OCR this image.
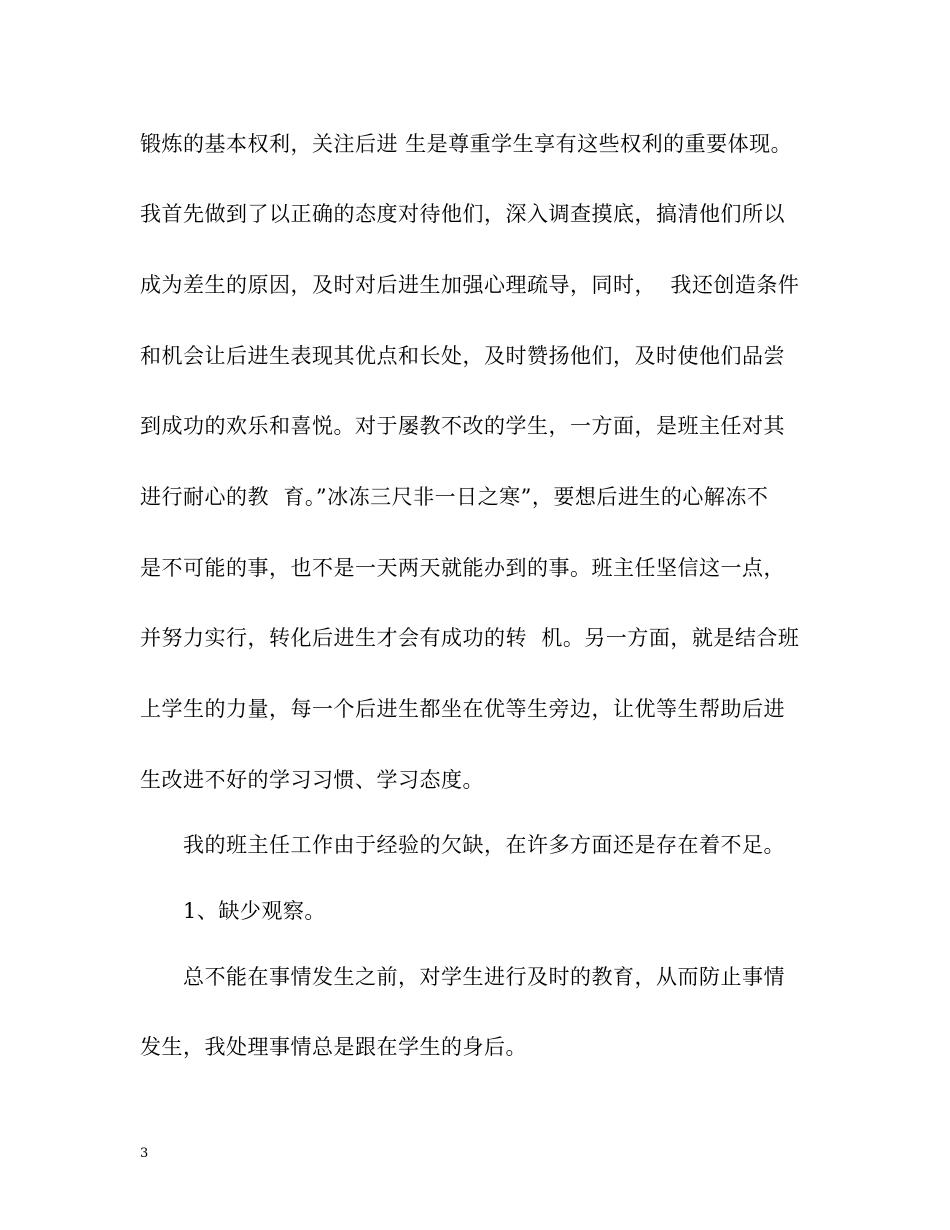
锻炼的基本权利，关注后进 生是尊重学生享有这些权利的重要体现。
我首先做到了以正确的态度对待他们，深入调查摸底，搞清他们所以
成为差生的原因，及时对后进生加强心理疏导，同时，  我还创造条件
和机会让后进生表现其优点和长处，及时赞扬他们，及时使他们品尝
到成功的欢乐和喜悦。对于屡教不改的学生，一方面，是班主任对其
进行耐心的教  育。”冰冻三尺非一日之寒”，要想后进生的心解冻不
是不可能的事，也不是一天两天就能办到的事。班主任坚信这一点，
并努力实行，转化后进生才会有成功的转  机。另一方面，就是结合班
上学生的力量，每一个后进生都坐在优等生旁边，让优等生帮助后进
生改进不好的学习习惯、学习态度。
我的班主任工作由于经验的欠缺，在许多方面还是存在着不足。
1、缺少观察。
总不能在事情发生之前，对学生进行及时的教育，从而防止事情
发生，我处理事情总是跟在学生的身后。
3
